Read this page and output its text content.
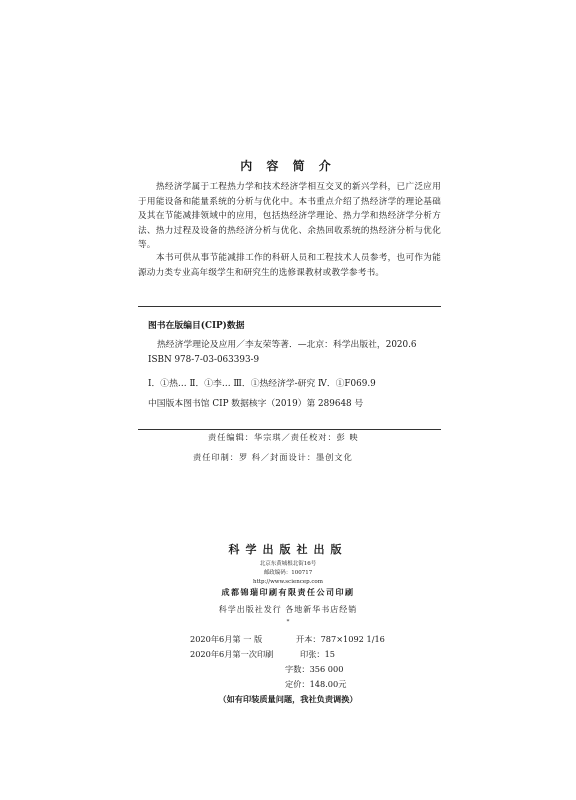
内 容 简 介
热经济学属于工程热力学和技术经济学相互交叉的新兴学科，已广泛应用于用能设备和能量系统的分析与优化中。本书重点介绍了热经济学的理论基础及其在节能减排领域中的应用，包括热经济学理论、热力学和热经济学分析方法、热力过程及设备的热经济分析与优化、余热回收系统的热经济分析与优化等。
本书可供从事节能减排工作的科研人员和工程技术人员参考，也可作为能源动力类专业高年级学生和研究生的选修课教材或教学参考书。
图书在版编目(CIP)数据
热经济学理论及应用／李友荣等著．—北京：科学出版社，2020.6
ISBN 978-7-03-063393-9
Ⅰ．①热… Ⅱ．①李… Ⅲ．①热经济学-研究 Ⅳ．①F069.9
中国版本图书馆 CIP 数据核字（2019）第 289648 号
责任编辑：华宗琪／责任校对：彭 映
责任印制：罗 科／封面设计：墨创文化
科学出版社出版
北京东黄城根北街16号
邮政编码：100717
http://www.sciencep.com
成都锦瑞印刷有限责任公司印刷
科学出版社发行 各地新华书店经销
*
2020年6月第 一 版	开本：787×1092 1/16
2020年6月第一次印刷	印张：15
字数：356 000
定价：148.00元
（如有印装质量问题，我社负责调换）
